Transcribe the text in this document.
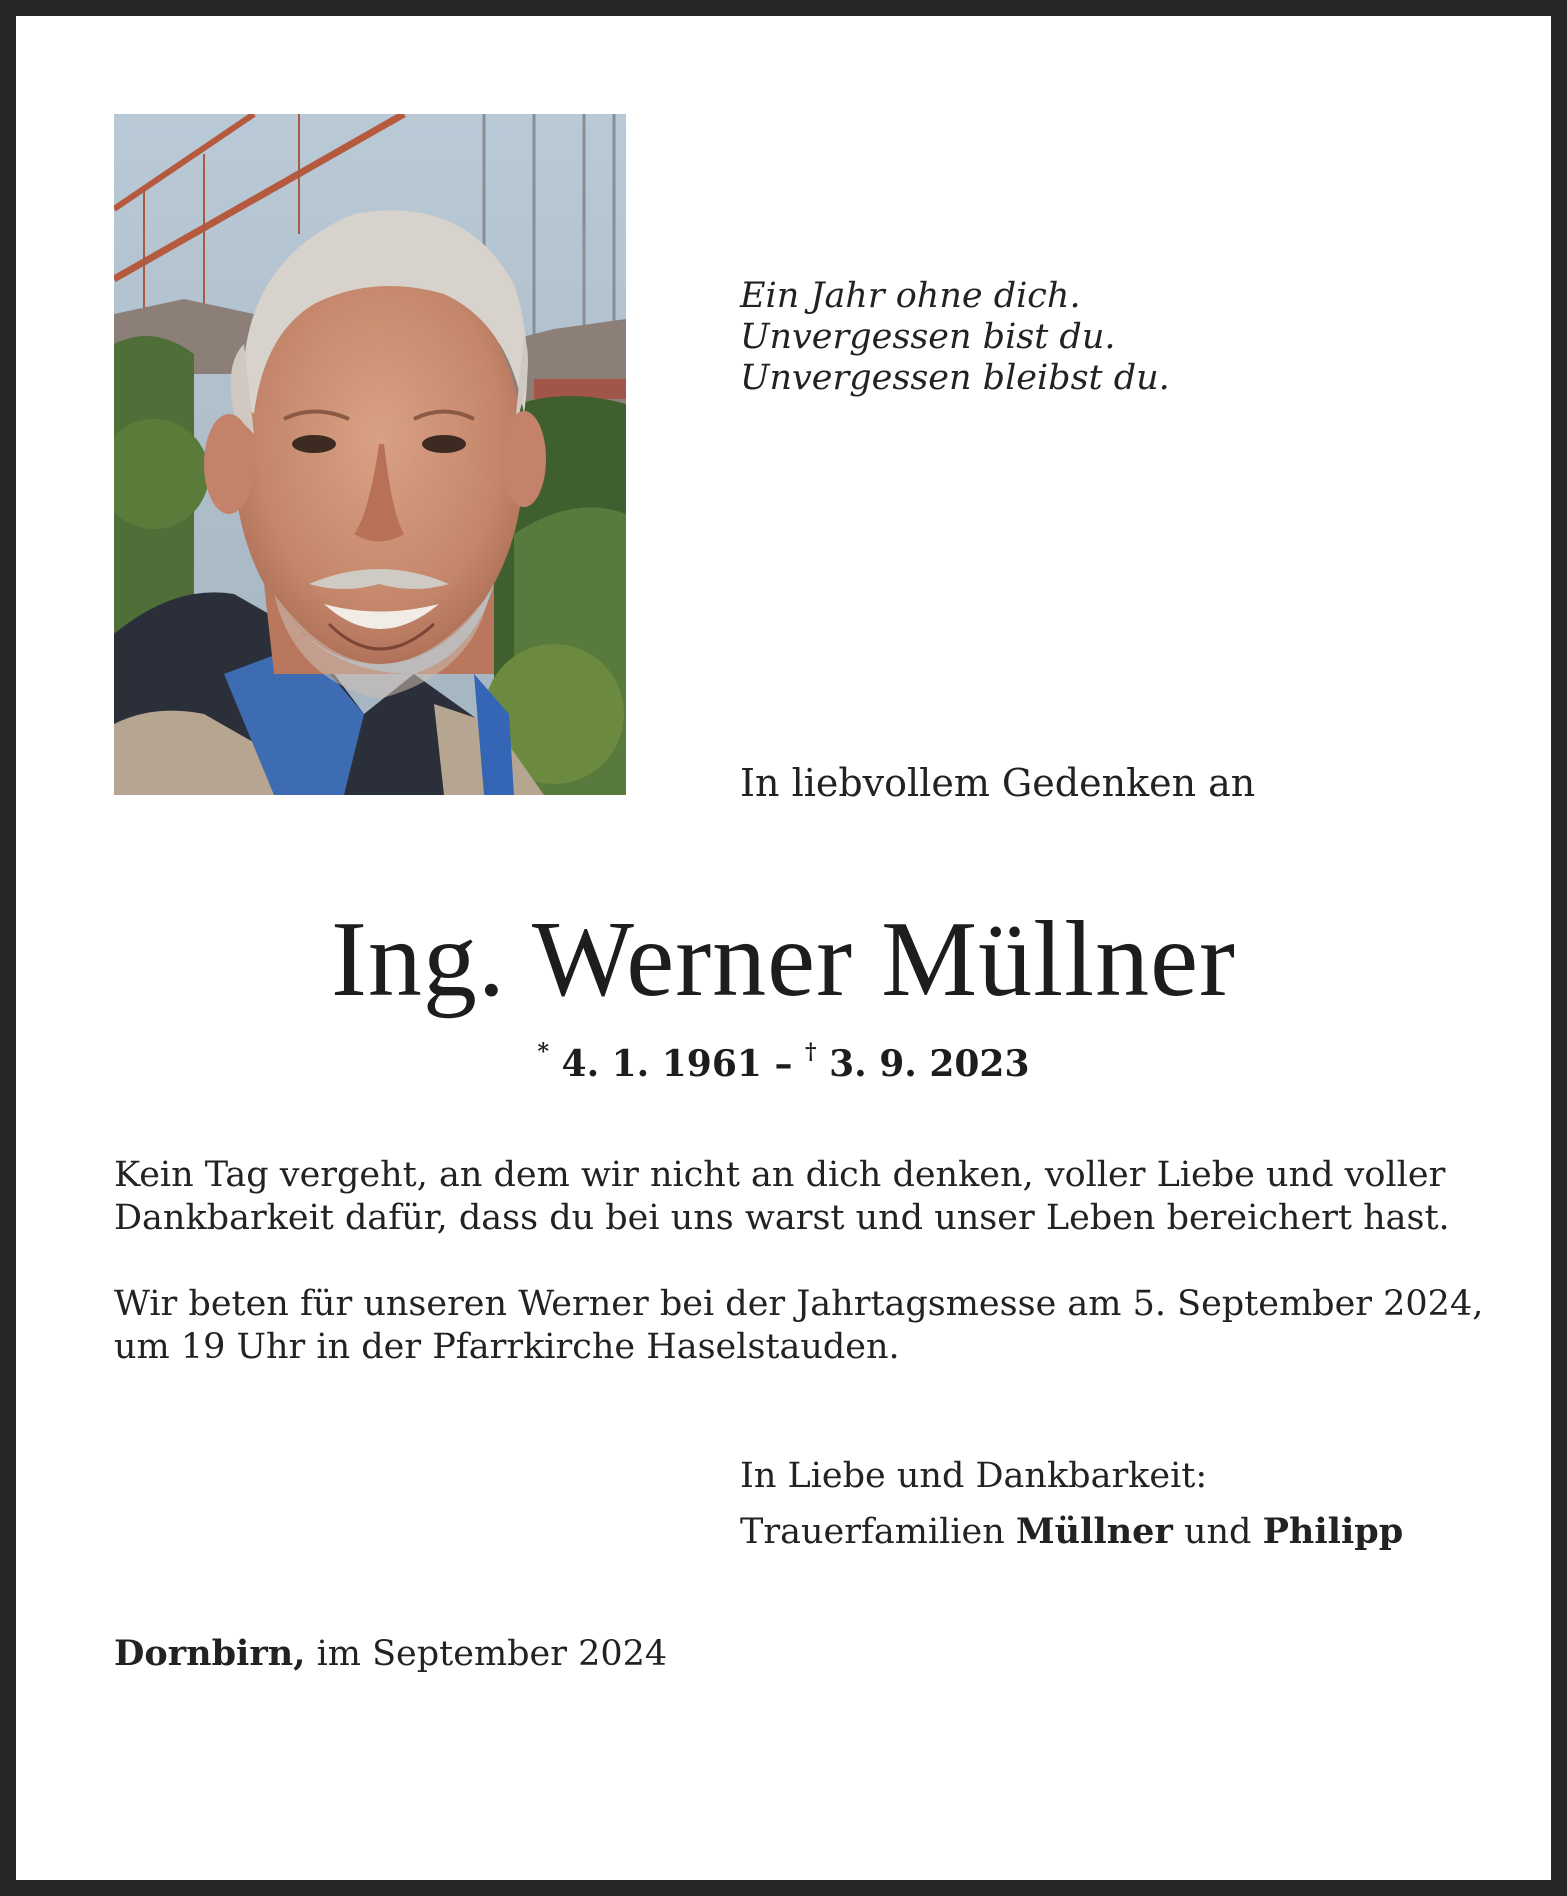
Ein Jahr ohne dich.
Unvergessen bist du.
Unvergessen bleibst du.
In liebvollem Gedenken an
Ing. Werner Müllner
* 4. 1. 1961 – † 3. 9. 2023
Kein Tag vergeht, an dem wir nicht an dich denken, voller Liebe und voller
Dankbarkeit dafür, dass du bei uns warst und unser Leben bereichert hast.
Wir beten für unseren Werner bei der Jahrtagsmesse am 5. September 2024,
um 19 Uhr in der Pfarrkirche Haselstauden.
In Liebe und Dankbarkeit:
Trauerfamilien Müllner und Philipp
Dornbirn, im September 2024
